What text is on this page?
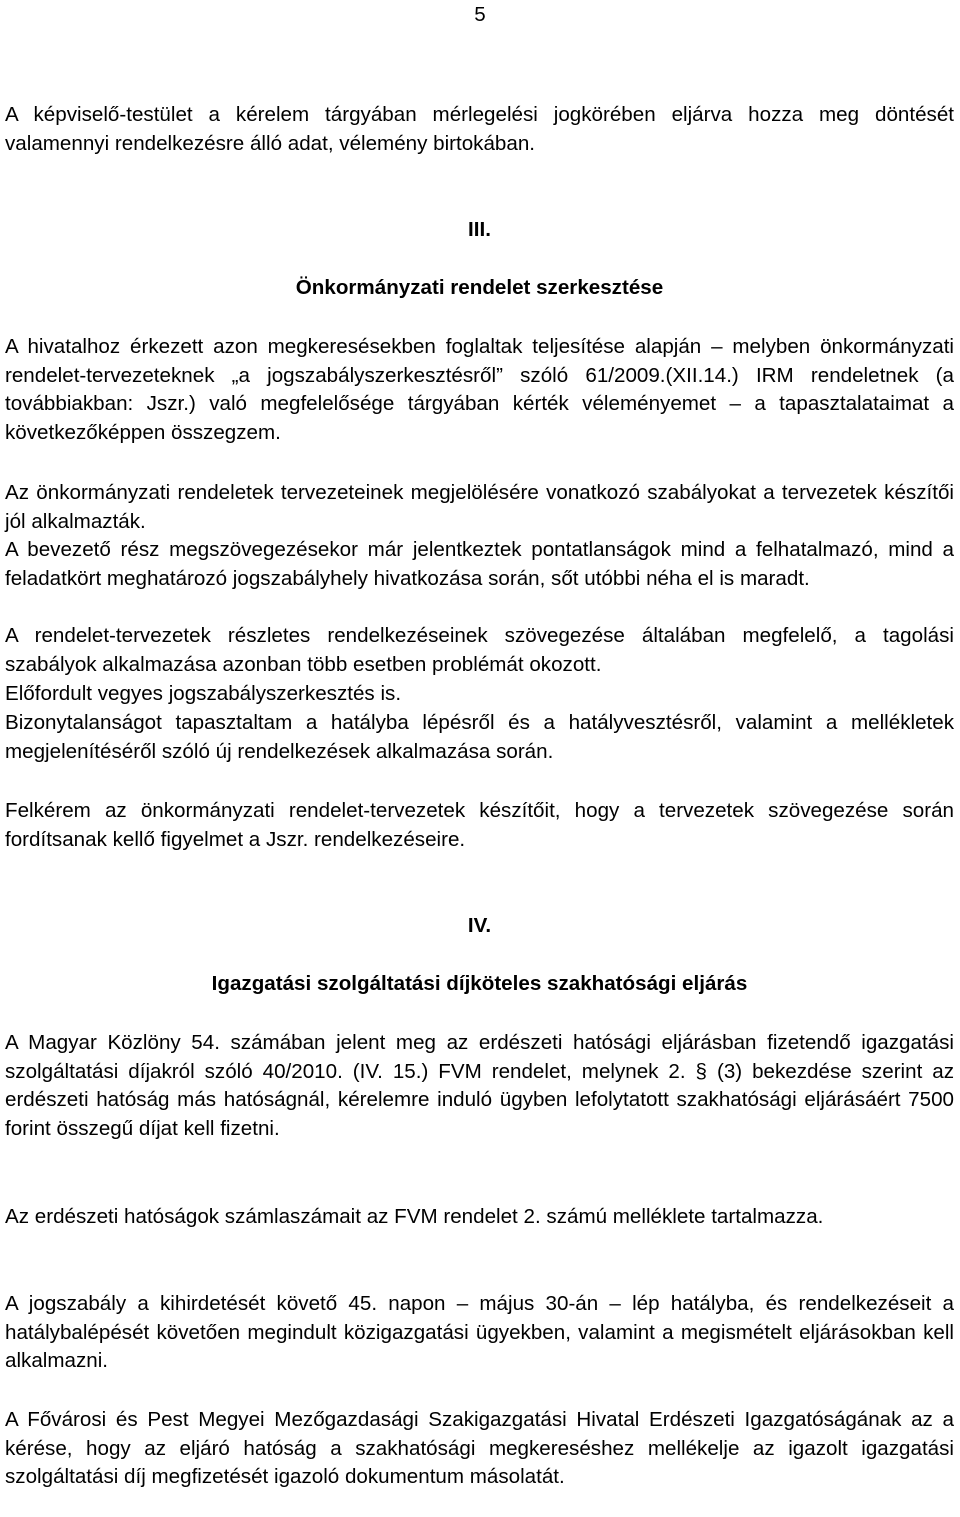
5

A képviselő-testület a kérelem tárgyában mérlegelési jogkörében eljárva hozza meg döntését valamennyi rendelkezésre álló adat, vélemény birtokában.

III.
Önkormányzati rendelet szerkesztése

A hivatalhoz érkezett azon megkeresésekben foglaltak teljesítése alapján – melyben önkormányzati rendelet-tervezeteknek „a jogszabályszerkesztésről” szóló 61/2009.(XII.14.) IRM rendeletnek (a továbbiakban: Jszr.) való megfelelősége tárgyában kérték véleményemet – a tapasztalataimat a következőképpen összegzem.

Az önkormányzati rendeletek tervezeteinek megjelölésére vonatkozó szabályokat a tervezetek készítői jól alkalmazták.

A bevezető rész megszövegezésekor már jelentkeztek pontatlanságok mind a felhatalmazó, mind a feladatkört meghatározó jogszabályhely hivatkozása során, sőt utóbbi néha el is maradt.

A rendelet-tervezetek részletes rendelkezéseinek szövegezése általában megfelelő, a tagolási szabályok alkalmazása azonban több esetben problémát okozott.

Előfordult vegyes jogszabályszerkesztés is.

Bizonytalanságot tapasztaltam a hatályba lépésről és a hatályvesztésről, valamint a mellékletek megjelenítéséről szóló új rendelkezések alkalmazása során.

Felkérem az önkormányzati rendelet-tervezetek készítőit, hogy a tervezetek szövegezése során fordítsanak kellő figyelmet a Jszr. rendelkezéseire.

IV.
Igazgatási szolgáltatási díjköteles szakhatósági eljárás

A Magyar Közlöny 54. számában jelent meg az erdészeti hatósági eljárásban fizetendő igazgatási szolgáltatási díjakról szóló 40/2010. (IV. 15.) FVM rendelet, melynek 2. § (3) bekezdése szerint az erdészeti hatóság más hatóságnál, kérelemre induló ügyben lefolytatott szakhatósági eljárásáért 7500 forint összegű díjat kell fizetni.

Az erdészeti hatóságok számlaszámait az FVM rendelet 2. számú melléklete tartalmazza.

A jogszabály a kihirdetését követő 45. napon – május 30-án – lép hatályba, és rendelkezéseit a hatálybalépését követően megindult közigazgatási ügyekben, valamint a megismételt eljárásokban kell alkalmazni.

A Fővárosi és Pest Megyei Mezőgazdasági Szakigazgatási Hivatal Erdészeti Igazgatóságának az a kérése, hogy az eljáró hatóság a szakhatósági megkereséshez mellékelje az igazolt igazgatási szolgáltatási díj megfizetését igazoló dokumentum másolatát.
